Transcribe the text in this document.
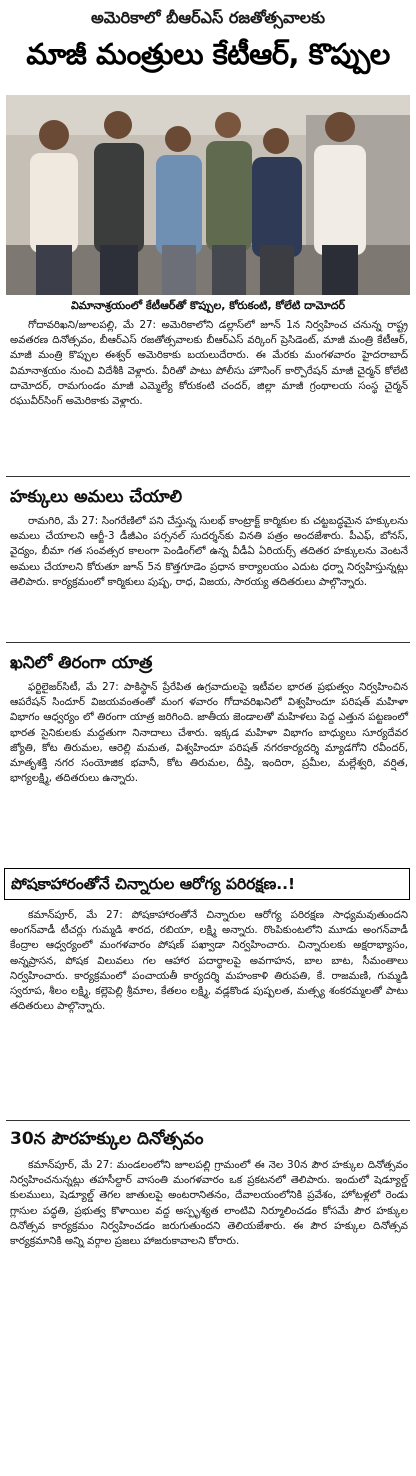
అమెరికాలో బీఆర్ఎస్ రజతోత్సవాలకు
మాజీ మంత్రులు కేటీఆర్, కొప్పుల
విమానాశ్రయంలో కేటీఆర్‌తో కొప్పుల, కోరుకంటి, కోలేటి దామోదర్

గోదావరిఖని/జూలపల్లి, మే 27: అమెరికాలోని డల్లాస్‌లో జూన్ 1న నిర్వహించ చనున్న రాష్ట్ర అవతరణ దినోత్సవం, బీఆర్ఎస్ రజతోత్సవాలకు బీఆర్ఎస్ వర్కింగ్ ప్రెసిడెంట్, మాజీ మంత్రి కేటీఆర్, మాజీ మంత్రి కొప్పుల ఈశ్వర్ అమెరికాకు బయలుదేరారు. ఈ మేరకు మంగళవారం హైదరాబాద్ విమానాశ్రయం నుంచి విదేశీకి వెళ్లారు. వీరితో పాటు పోలీసు హౌసింగ్ కార్పొరేషన్ మాజీ చైర్మన్ కోలేటి దామోదర్, రామగుండం మాజీ ఎమ్మెల్యే కోరుకంటి చందర్, జిల్లా మాజీ గ్రంథాలయ సంస్థ చైర్మన్ రఘువీర్‌సింగ్ అమెరికాకు వెళ్లారు.

హక్కులు అమలు చేయాలి

రామగిరి, మే 27: సింగరేణిలో పని చేస్తున్న సులభ్ కాంట్రాక్ట్ కార్మికుల కు చట్టబద్ధమైన హక్కులను అమలు చేయాలని ఆర్జీ-3 డీజీఎం పర్సనల్ సుదర్శన్‌కు వినతి పత్రం అందజేశారు. పీఎఫ్, బోనస్, వైద్యం, బీమా గత సంవత్సర కాలంగా పెండింగ్‌లో ఉన్న వీడీఏ ఏరియర్స్ తదితర హక్కులను వెంటనే అమలు చేయాలని కోరుతూ జూన్ 5న కొత్తగూడెం ప్రధాన కార్యాలయం ఎదుట ధర్నా నిర్వహిస్తున్నట్లు తెలిపారు. కార్యక్రమంలో కార్మికులు పుష్ప, రాధ, విజయ, సారయ్య తదితరులు పాల్గొన్నారు.

ఖనిలో తిరంగా యాత్ర

ఫర్టిలైజర్‌సిటీ, మే 27: పాకిస్థాన్ ప్రేరేపిత ఉగ్రవాదులపై ఇటీవల భారత ప్రభుత్వం నిర్వహించిన ఆపరేషన్ సిందూర్ విజయవంతంతో మంగ ళవారం గోదావరిఖనిలో విశ్వహిందూ పరిషత్ మహిళా విభాగం ఆధ్వర్యం లో తిరంగా యాత్ర జరిగింది. జాతీయ జెండాలతో మహిళలు పెద్ద ఎత్తున పట్టణంలో భారత సైనికులకు మద్దతుగా నినాదాలు చేశారు. ఇక్కడ మహిళా విభాగం బాధ్యులు సూర్యదేవర జ్యోతి, కోట తిరుమల, ఆరెల్లి మమత, విశ్వహిందూ పరిషత్ నగరకార్యదర్శి మ్యాడగోని రవీందర్, మాతృశక్తి నగర సంయోజిక భవానీ, కోట తిరుమల, దీప్తి, ఇందిరా, ప్రమీల, మల్లేశ్వరి, వర్షిత, భాగ్యలక్ష్మి, తదితరులు ఉన్నారు.

పోషకాహారంతోనే చిన్నారుల ఆరోగ్య పరిరక్షణ..!

కమాన్‌పూర్, మే 27: పోషకాహారంతోనే చిన్నారుల ఆరోగ్య పరిరక్షణ సాధ్యమవుతుందని అంగన్‌వాడీ టీచర్లు గుమ్మడి శారద, రబియా, లక్ష్మి అన్నారు. రొంపికుంటలోని మూడు అంగన్‌వాడీ కేంద్రాల ఆధ్వర్యంలో మంగళవారం పోషణ్ పఖ్వాడా నిర్వహించారు. చిన్నారులకు అక్షరాభ్యాసం, అన్నప్రాసన, పోషక విలువలు గల ఆహార పదార్థాలపై అవగాహన, బాల బాట, సీమంతాలు నిర్వహించారు. కార్యక్రమంలో పంచాయతీ కార్యదర్శి మహంకాళి తిరుపతి, కే. రాజమణి, గుమ్మడి స్వరూప, శీలం లక్ష్మి, కల్లెపెల్లి శ్రీమాల, కేతలం లక్ష్మి, వడ్లకొండ పుష్పలత, మత్స్య శంకరమ్మలతో పాటు తదితరులు పాల్గొన్నారు.

30న పౌరహక్కుల దినోత్సవం

కమాన్‌పూర్, మే 27: మండలంలోని జూలపల్లి గ్రామంలో ఈ నెల 30న పౌర హక్కుల దినోత్సవం నిర్వహించనున్నట్లు తహసీల్దార్ వాసంతి మంగళవారం ఒక ప్రకటనలో తెలిపారు. ఇందులో షెడ్యూల్డ్ కులములు, షెడ్యూల్డ్ తెగల జాతులపై అంటరానితనం, దేవాలయంలోనికి ప్రవేశం, హోటళ్లలో రెండు గ్లాసుల పద్ధతి, ప్రభుత్వ కొళాయిల వద్ద అస్పృశ్యత లాంటివి నిర్మూలించడం కోసమే పౌర హక్కుల దినోత్సవ కార్యక్రమం నిర్వహించడం జరుగుతుందని తెలియజేశారు. ఈ పౌర హక్కుల దినోత్సవ కార్యక్రమానికి అన్ని వర్గాల ప్రజలు హాజరుకావాలని కోరారు.
